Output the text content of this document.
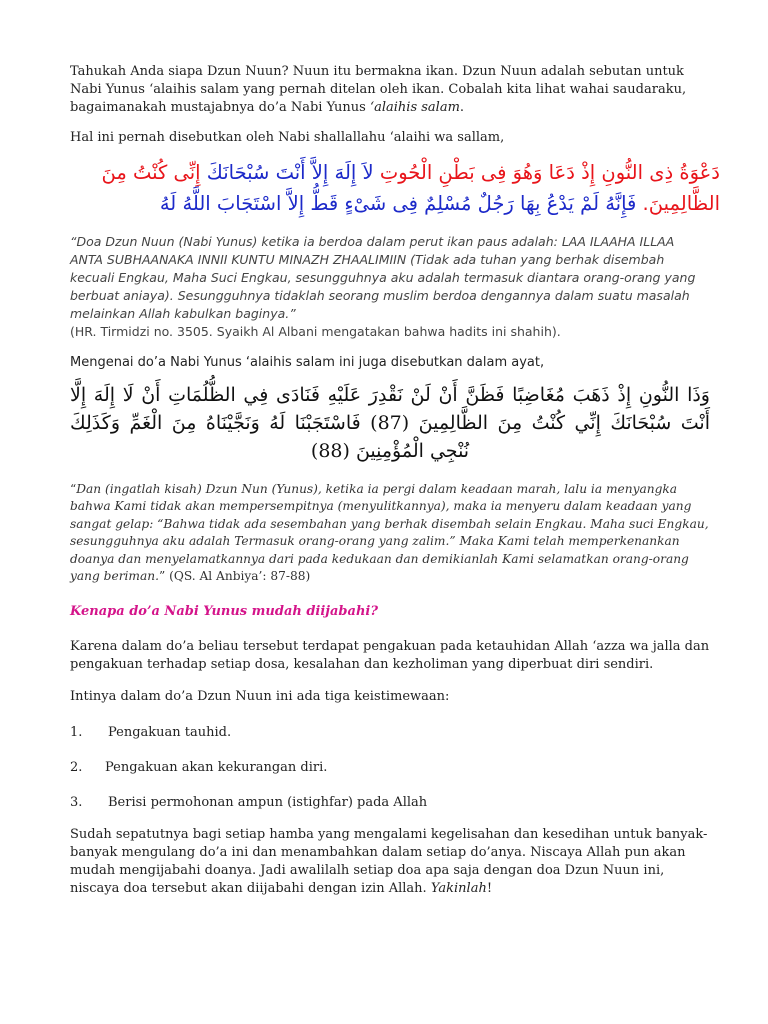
Tahukah Anda siapa Dzun Nuun? Nuun itu bermakna ikan. Dzun Nuun adalah sebutan untuk Nabi Yunus ‘alaihis salam yang pernah ditelan oleh ikan. Cobalah kita lihat wahai saudaraku, bagaimanakah mustajabnya do’a Nabi Yunus ‘alaihis salam.

Hal ini pernah disebutkan oleh Nabi shallallahu ‘alaihi wa sallam,

دَعْوَةُ ذِى النُّونِ إِذْ دَعَا وَهُوَ فِى بَطْنِ الْحُوتِ لاَ إِلَهَ إِلاَّ أَنْتَ سُبْحَانَكَ إِنِّى كُنْتُ مِنَ الظَّالِمِينَ. فَإِنَّهُ لَمْ يَدْعُ بِهَا رَجُلٌ مُسْلِمٌ فِى شَىْءٍ قَطُّ إِلاَّ اسْتَجَابَ اللَّهُ لَهُ

“Doa Dzun Nuun (Nabi Yunus) ketika ia berdoa dalam perut ikan paus adalah: LAA ILAAHA ILLAA ANTA SUBHAANAKA INNII KUNTU MINAZH ZHAALIMIIN (Tidak ada tuhan yang berhak disembah kecuali Engkau, Maha Suci Engkau, sesungguhnya aku adalah termasuk diantara orang-orang yang berbuat aniaya). Sesungguhnya tidaklah seorang muslim berdoa dengannya dalam suatu masalah melainkan Allah kabulkan baginya.”
(HR. Tirmidzi no. 3505. Syaikh Al Albani mengatakan bahwa hadits ini shahih).

Mengenai do’a Nabi Yunus ‘alaihis salam ini juga disebutkan dalam ayat,

وَذَا النُّونِ إِذْ ذَهَبَ مُغَاضِبًا فَظَنَّ أَنْ لَنْ نَقْدِرَ عَلَيْهِ فَنَادَى فِي الظُّلُمَاتِ أَنْ لَا إِلَهَ إِلَّا أَنْتَ سُبْحَانَكَ إِنِّي كُنْتُ مِنَ الظَّالِمِينَ (87) فَاسْتَجَبْنَا لَهُ وَنَجَّيْنَاهُ مِنَ الْغَمِّ وَكَذَلِكَ نُنْجِي الْمُؤْمِنِينَ (88)

“Dan (ingatlah kisah) Dzun Nun (Yunus), ketika ia pergi dalam keadaan marah, lalu ia menyangka bahwa Kami tidak akan mempersempitnya (menyulitkannya), maka ia menyeru dalam keadaan yang sangat gelap: “Bahwa tidak ada sesembahan yang berhak disembah selain Engkau. Maha suci Engkau, sesungguhnya aku adalah Termasuk orang-orang yang zalim.” Maka Kami telah memperkenankan doanya dan menyelamatkannya dari pada kedukaan dan demikianlah Kami selamatkan orang-orang yang beriman.” (QS. Al Anbiya’: 87-88)

Kenapa do’a Nabi Yunus mudah diijabahi?

Karena dalam do’a beliau tersebut terdapat pengakuan pada ketauhidan Allah ‘azza wa jalla dan pengakuan terhadap setiap dosa, kesalahan dan kezholiman yang diperbuat diri sendiri.

Intinya dalam do’a Dzun Nuun ini ada tiga keistimewaan:

1. Pengakuan tauhid.
2. Pengakuan akan kekurangan diri.
3. Berisi permohonan ampun (istighfar) pada Allah

Sudah sepatutnya bagi setiap hamba yang mengalami kegelisahan dan kesedihan untuk banyak-banyak mengulang do’a ini dan menambahkan dalam setiap do’anya. Niscaya Allah pun akan mudah mengijabahi doanya. Jadi awalilalh setiap doa apa saja dengan doa Dzun Nuun ini, niscaya doa tersebut akan diijabahi dengan izin Allah. Yakinlah!
